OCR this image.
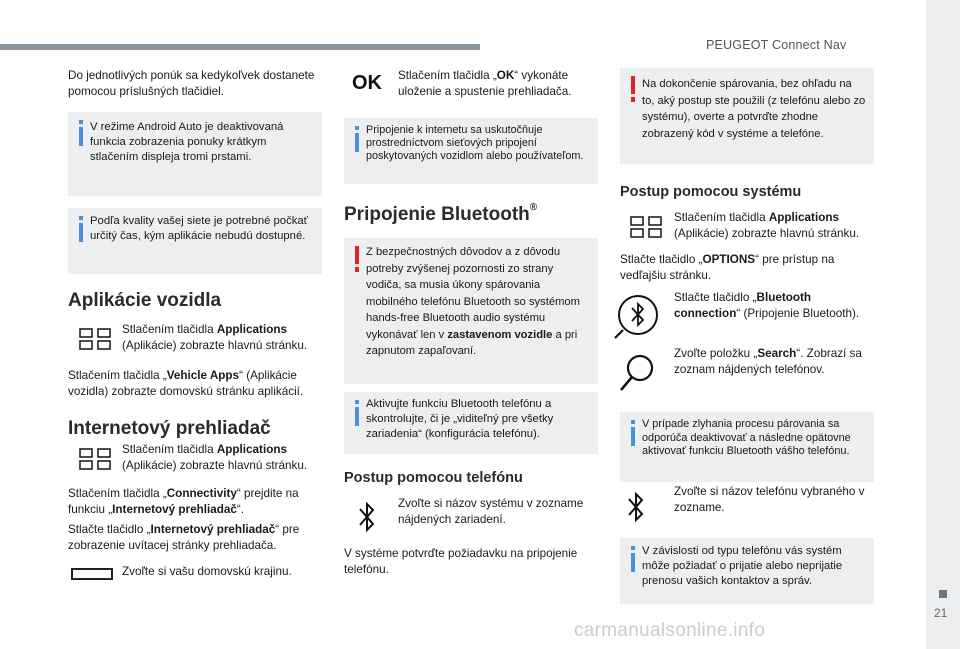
PEUGEOT Connect Nav
21
carmanualsonline.info
Do jednotlivých ponúk sa kedykoľvek dostanete pomocou príslušných tlačidiel.
V režime Android Auto je deaktivovaná funkcia zobrazenia ponuky krátkym stlačením displeja tromi prstami.
Podľa kvality vašej siete je potrebné počkať určitý čas, kým aplikácie nebudú dostupné.
Aplikácie vozidla
Stlačením tlačidla Applications (Aplikácie) zobrazte hlavnú stránku.
Stlačením tlačidla „Vehicle Apps“ (Aplikácie vozidla) zobrazte domovskú stránku aplikácií.
Internetový prehliadač
Stlačením tlačidla Applications (Aplikácie) zobrazte hlavnú stránku.
Stlačením tlačidla „Connectivity“ prejdite na funkciu „Internetový prehliadač“.
Stlačte tlačidlo „Internetový prehliadač“ pre zobrazenie uvítacej stránky prehliadača.
Zvoľte si vašu domovskú krajinu.
OK Stlačením tlačidla „OK“ vykonáte uloženie a spustenie prehliadača.
Pripojenie k internetu sa uskutočňuje prostredníctvom sieťových pripojení poskytovaných vozidlom alebo používateľom.
Pripojenie Bluetooth®
Z bezpečnostných dôvodov a z dôvodu potreby zvýšenej pozornosti zo strany vodiča, sa musia úkony spárovania mobilného telefónu Bluetooth so systémom hands-free Bluetooth audio systému vykonávať len v zastavenom vozidle a pri zapnutom zapaľovaní.
Aktivujte funkciu Bluetooth telefónu a skontrolujte, či je „viditeľný pre všetky zariadenia“ (konfigurácia telefónu).
Postup pomocou telefónu
Zvoľte si názov systému v zozname nájdených zariadení.
V systéme potvrďte požiadavku na pripojenie telefónu.
Na dokončenie spárovania, bez ohľadu na to, aký postup ste použili (z telefónu alebo zo systému), overte a potvrďte zhodne zobrazený kód v systéme a telefóne.
Postup pomocou systému
Stlačením tlačidla Applications (Aplikácie) zobrazte hlavnú stránku.
Stlačte tlačidlo „OPTIONS“ pre prístup na vedľajšiu stránku.
Stlačte tlačidlo „Bluetooth connection“ (Pripojenie Bluetooth).
Zvoľte položku „Search“. Zobrazí sa zoznam nájdených telefónov.
V prípade zlyhania procesu párovania sa odporúča deaktivovať a následne opätovne aktivovať funkciu Bluetooth vášho telefónu.
Zvoľte si názov telefónu vybraného v zozname.
V závislosti od typu telefónu vás systém môže požiadať o prijatie alebo neprijatie prenosu vašich kontaktov a správ.
